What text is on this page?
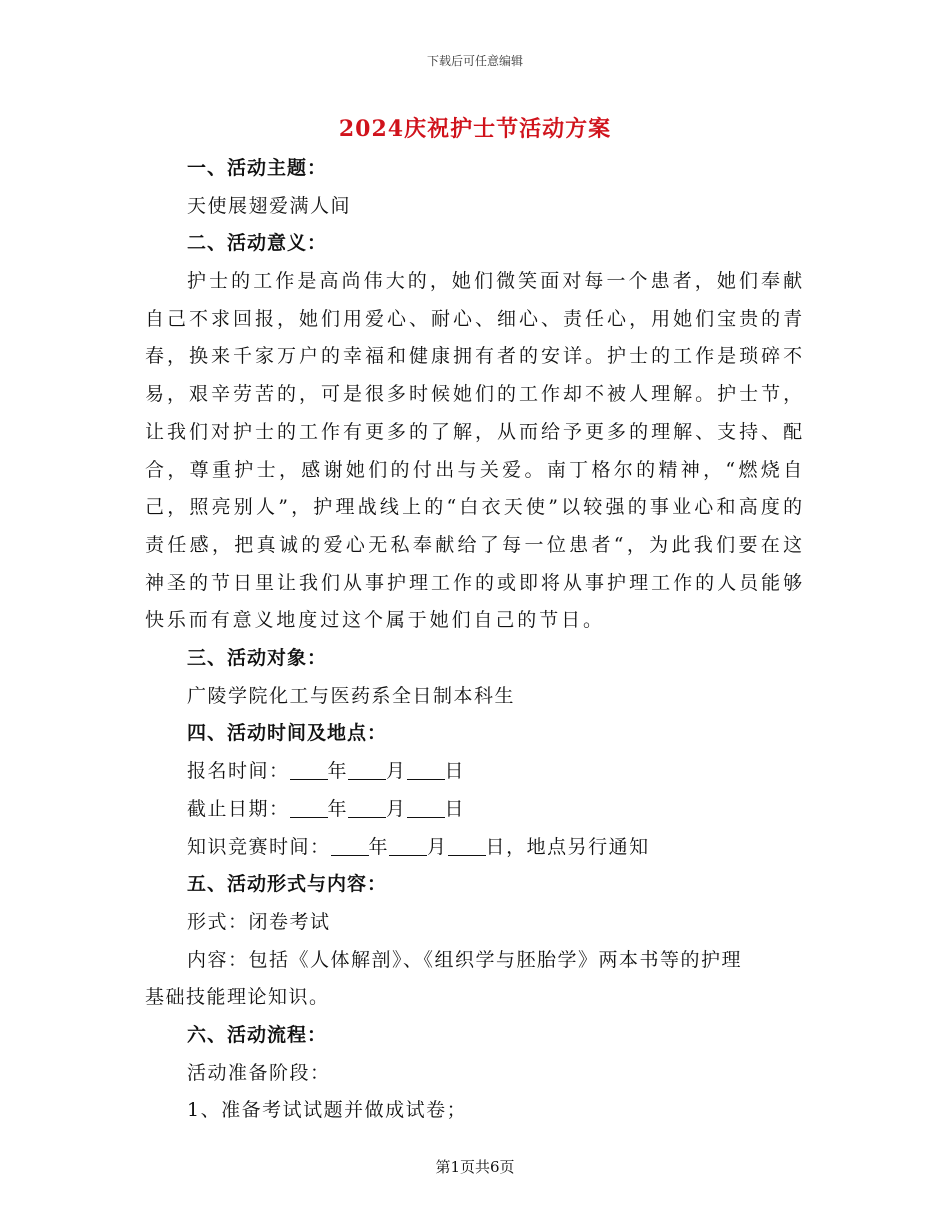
下载后可任意编辑
2024庆祝护士节活动方案
一、活动主题：
天使展翅爱满人间
二、活动意义：

护士的工作是高尚伟大的，她们微笑面对每一个患者，她们奉献自己不求回报，她们用爱心、耐心、细心、责任心，用她们宝贵的青春，换来千家万户的幸福和健康拥有者的安详。护士的工作是琐碎不易，艰辛劳苦的，可是很多时候她们的工作却不被人理解。护士节，让我们对护士的工作有更多的了解，从而给予更多的理解、支持、配合，尊重护士，感谢她们的付出与关爱。南丁格尔的精神，“燃烧自己，照亮别人”，护理战线上的“白衣天使”以较强的事业心和高度的责任感，把真诚的爱心无私奉献给了每一位患者“，为此我们要在这神圣的节日里让我们从事护理工作的或即将从事护理工作的人员能够快乐而有意义地度过这个属于她们自己的节日。

三、活动对象：
广陵学院化工与医药系全日制本科生
四、活动时间及地点：
报名时间： 年 月 日
截止日期： 年 月 日
知识竞赛时间： 年 月 日，地点另行通知
五、活动形式与内容：
形式：闭卷考试
内容：包括《人体解剖》、《组织学与胚胎学》两本书等的护理
基础技能理论知识。
六、活动流程：
活动准备阶段：
1、准备考试试题并做成试卷；
第1页共6页
